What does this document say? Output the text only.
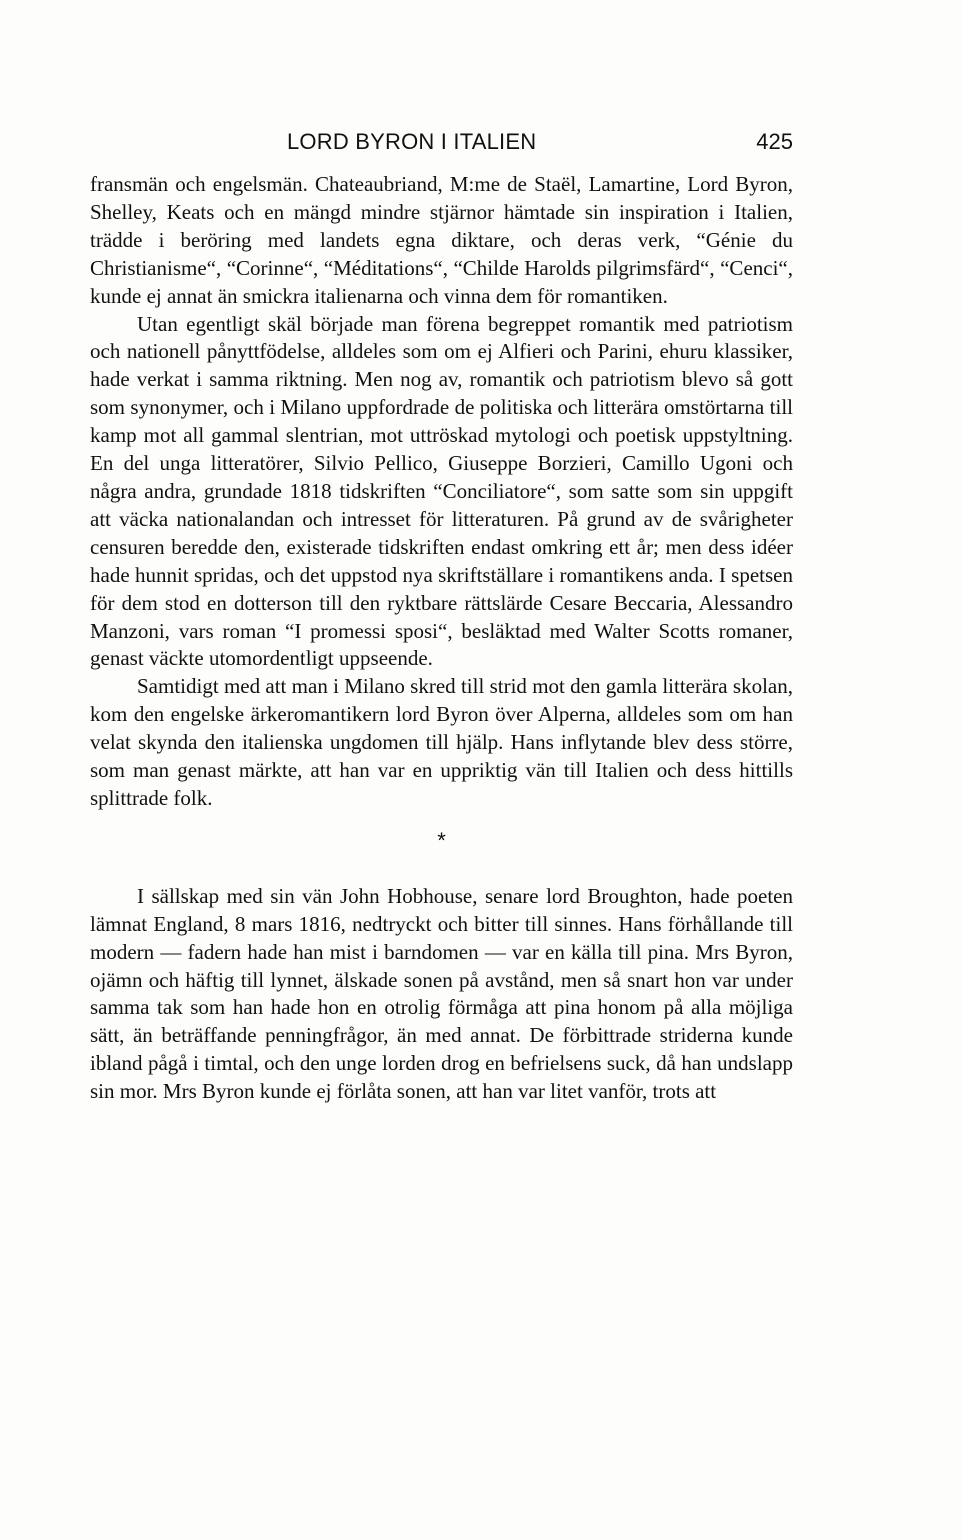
LORD BYRON I ITALIEN	425

fransmän och engelsmän. Chateaubriand, M:me de Staël, Lamartine, Lord Byron, Shelley, Keats och en mängd mindre stjärnor hämtade sin inspiration i Italien, trädde i beröring med landets egna diktare, och deras verk, “Génie du Christianisme“, “Corinne“, “Méditations“, “Childe Harolds pilgrimsfärd“, “Cenci“, kunde ej annat än smickra italienarna och vinna dem för romantiken.

Utan egentligt skäl började man förena begreppet romantik med patriotism och nationell pånyttfödelse, alldeles som om ej Alfieri och Parini, ehuru klassiker, hade verkat i samma riktning. Men nog av, romantik och patriotism blevo så gott som synonymer, och i Milano uppfordrade de politiska och litterära omstörtarna till kamp mot all gammal slentrian, mot uttröskad mytologi och poetisk uppstyltning. En del unga litteratörer, Silvio Pellico, Giuseppe Borzieri, Camillo Ugoni och några andra, grundade 1818 tidskriften “Conciliatore“, som satte som sin uppgift att väcka nationalandan och intresset för litteraturen. På grund av de svårigheter censuren beredde den, existerade tidskriften endast omkring ett år; men dess idéer hade hunnit spridas, och det uppstod nya skriftställare i romantikens anda. I spetsen för dem stod en dotterson till den ryktbare rättslärde Cesare Beccaria, Alessandro Manzoni, vars roman “I promessi sposi“, besläktad med Walter Scotts romaner, genast väckte utomordentligt uppseende.

Samtidigt med att man i Milano skred till strid mot den gamla litterära skolan, kom den engelske ärkeromantikern lord Byron över Alperna, alldeles som om han velat skynda den italienska ungdomen till hjälp. Hans inflytande blev dess större, som man genast märkte, att han var en uppriktig vän till Italien och dess hittills splittrade folk.

*

I sällskap med sin vän John Hobhouse, senare lord Broughton, hade poeten lämnat England, 8 mars 1816, nedtryckt och bitter till sinnes. Hans förhållande till modern — fadern hade han mist i barndomen — var en källa till pina. Mrs Byron, ojämn och häftig till lynnet, älskade sonen på avstånd, men så snart hon var under samma tak som han hade hon en otrolig förmåga att pina honom på alla möjliga sätt, än beträffande penningfrågor, än med annat. De förbittrade striderna kunde ibland pågå i timtal, och den unge lorden drog en befrielsens suck, då han undslapp sin mor. Mrs Byron kunde ej förlåta sonen, att han var litet vanför, trots att
